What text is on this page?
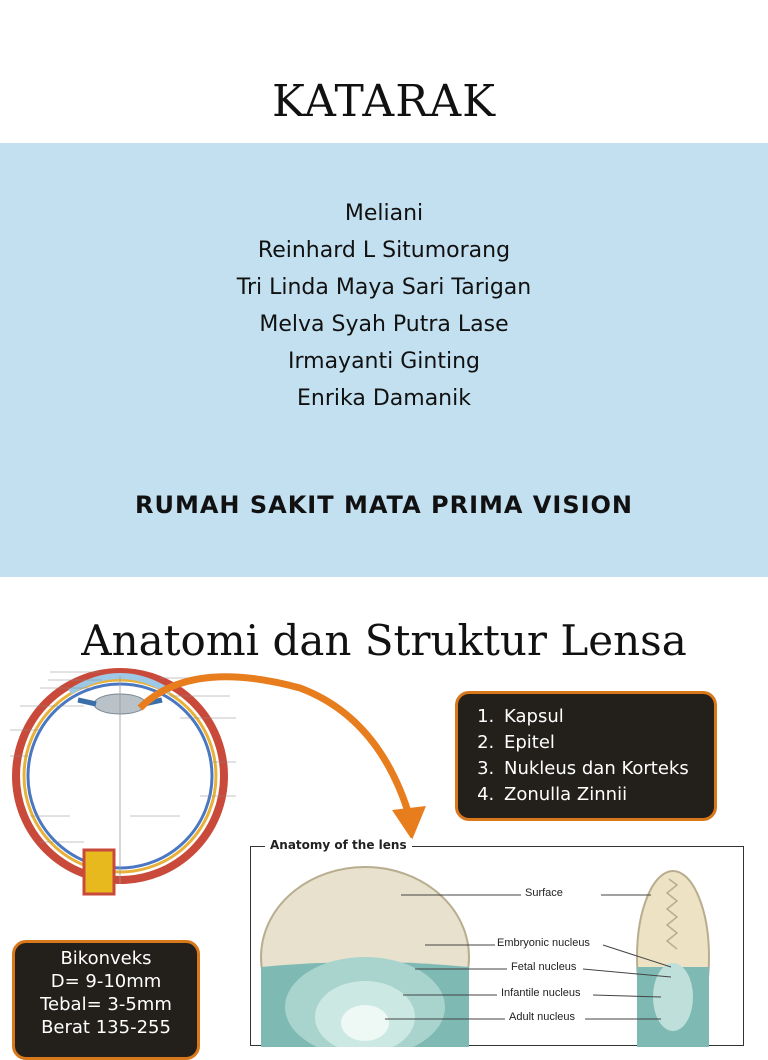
KATARAK
Meliani
Reinhard L Situmorang
Tri Linda Maya Sari Tarigan
Melva Syah Putra Lase
Irmayanti Ginting
Enrika Damanik
RUMAH SAKIT MATA PRIMA VISION
Anatomi dan Struktur Lensa
1. Kapsul
2. Epitel
3. Nukleus dan Korteks
4. Zonulla Zinnii
Anatomy of the lens
Surface
Embryonic nucleus
Fetal nucleus
Infantile nucleus
Adult nucleus
Bikonveks
D= 9-10mm
Tebal= 3-5mm
Berat 135-255
